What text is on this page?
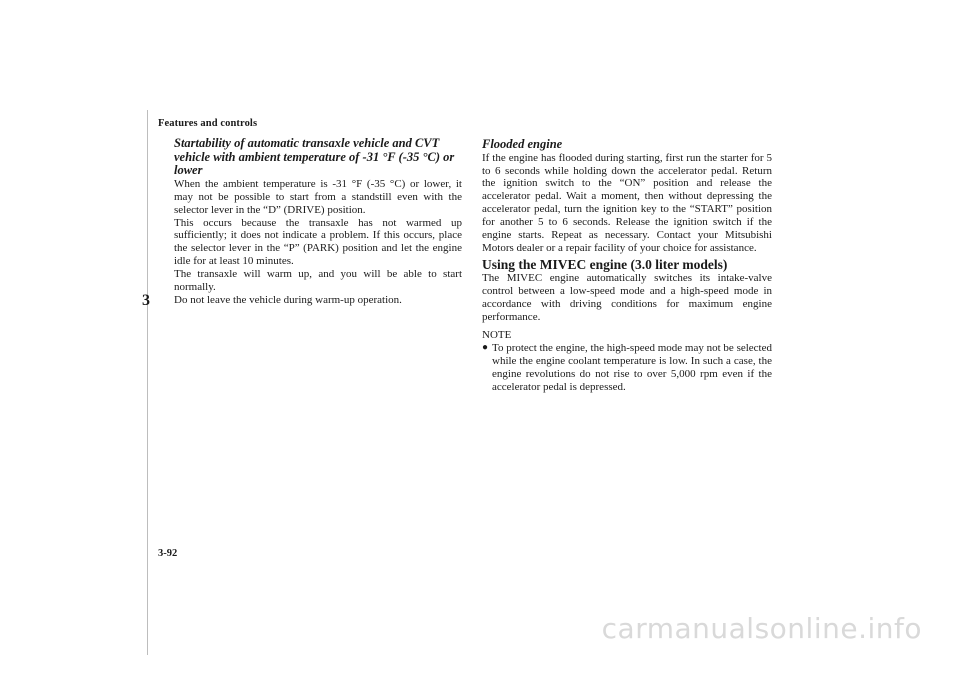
Features and controls
3
Startability of automatic transaxle vehicle and CVT vehicle with ambient temperature of -31 °F (-35 °C) or lower

When the ambient temperature is -31 °F (-35 °C) or lower, it may not be possible to start from a standstill even with the selector lever in the “D” (DRIVE) position.

This occurs because the transaxle has not warmed up sufficiently; it does not indicate a problem. If this occurs, place the selector lever in the “P” (PARK) position and let the engine idle for at least 10 minutes.

The transaxle will warm up, and you will be able to start normally.

Do not leave the vehicle during warm-up operation.

Flooded engine

If the engine has flooded during starting, first run the starter for 5 to 6 seconds while holding down the accelerator pedal. Return the ignition switch to the “ON” position and release the accelerator pedal. Wait a moment, then without depressing the accelerator pedal, turn the ignition key to the “START” position for another 5 to 6 seconds. Release the ignition switch if the engine starts. Repeat as necessary. Contact your Mitsubishi Motors dealer or a repair facility of your choice for assistance.

Using the MIVEC engine (3.0 liter models)

The MIVEC engine automatically switches its intake-valve control between a low-speed mode and a high-speed mode in accordance with driving conditions for maximum engine performance.

NOTE

● To protect the engine, the high-speed mode may not be selected while the engine coolant temperature is low. In such a case, the engine revolutions do not rise to over 5,000 rpm even if the accelerator pedal is depressed.
3-92
carmanualsonline.info
